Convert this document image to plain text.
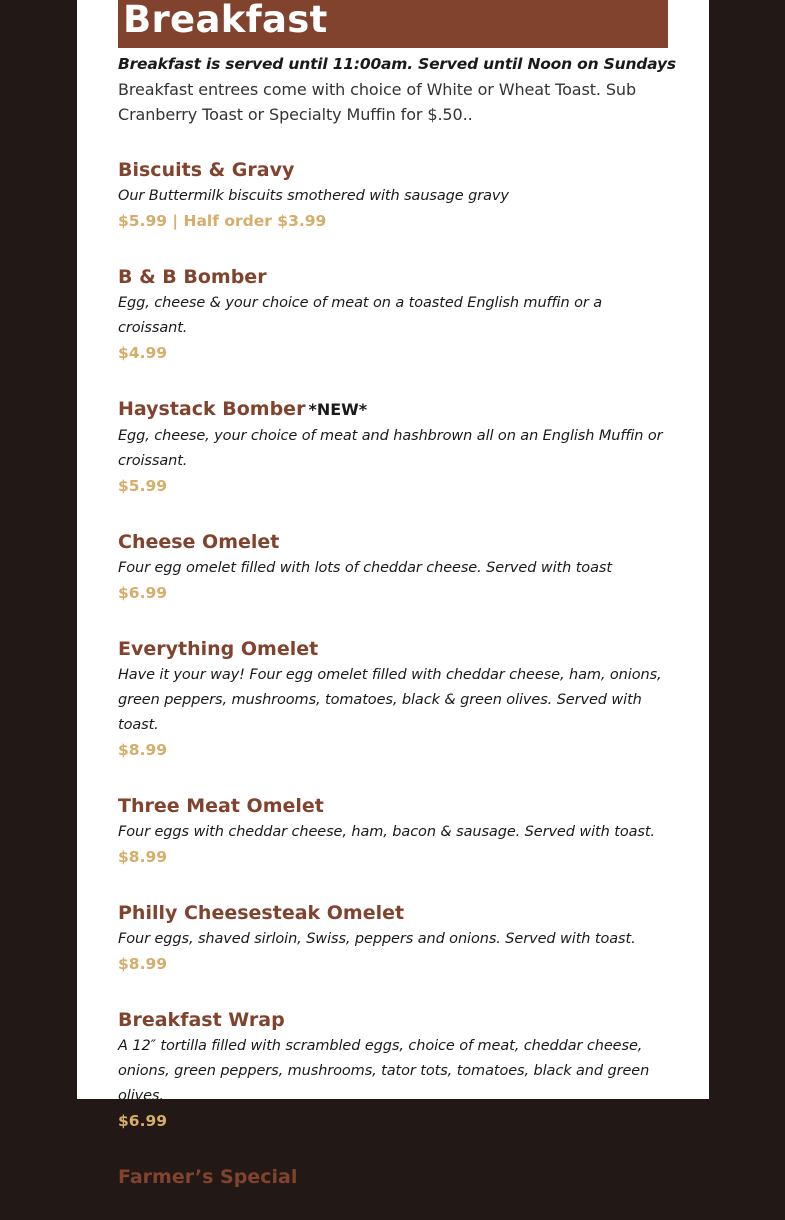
Breakfast
Breakfast is served until 11:00am. Served until Noon on Sundays
Breakfast entrees come with choice of White or Wheat Toast. Sub Cranberry Toast or Specialty Muffin for $.50..
Biscuits & Gravy
Our Buttermilk biscuits smothered with sausage gravy
$5.99 | Half order $3.99
B & B Bomber
Egg, cheese & your choice of meat on a toasted English muffin or a croissant.
$4.99
Haystack Bomber *NEW*
Egg, cheese, your choice of meat and hashbrown all on an English Muffin or croissant.
$5.99
Cheese Omelet
Four egg omelet filled with lots of cheddar cheese. Served with toast
$6.99
Everything Omelet
Have it your way! Four egg omelet filled with cheddar cheese, ham, onions, green peppers, mushrooms, tomatoes, black & green olives. Served with toast.
$8.99
Three Meat Omelet
Four eggs with cheddar cheese, ham, bacon & sausage. Served with toast.
$8.99
Philly Cheesesteak Omelet
Four eggs, shaved sirloin, Swiss, peppers and onions. Served with toast.
$8.99
Breakfast Wrap
A 12″ tortilla filled with scrambled eggs, choice of meat, cheddar cheese, onions, green peppers, mushrooms, tator tots, tomatoes, black and green olives.
$6.99
Farmer’s Special
